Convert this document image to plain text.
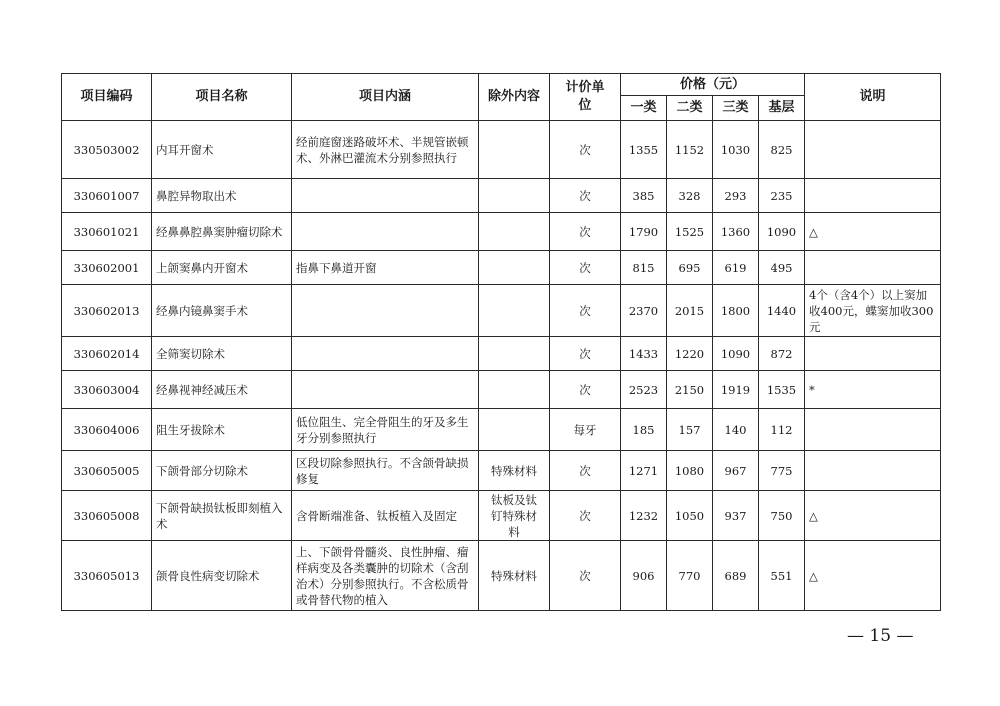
项目编码	项目名称	项目内涵	除外内容	计价单位	价格（元）				说明
					一类	二类	三类	基层	
330503002	内耳开窗术	经前庭窗迷路破坏术、半规管嵌顿术、外淋巴灌流术分别参照执行		次	1355	1152	1030	825	
330601007	鼻腔异物取出术			次	385	328	293	235	
330601021	经鼻鼻腔鼻窦肿瘤切除术			次	1790	1525	1360	1090	△
330602001	上颌窦鼻内开窗术	指鼻下鼻道开窗		次	815	695	619	495	
330602013	经鼻内镜鼻窦手术			次	2370	2015	1800	1440	4个（含4个）以上窦加收400元，蝶窦加收300元
330602014	全筛窦切除术			次	1433	1220	1090	872	
330603004	经鼻视神经减压术			次	2523	2150	1919	1535	*
330604006	阻生牙拔除术	低位阻生、完全骨阻生的牙及多生牙分别参照执行		每牙	185	157	140	112	
330605005	下颌骨部分切除术	区段切除参照执行。不含颌骨缺损修复	特殊材料	次	1271	1080	967	775	
330605008	下颌骨缺损钛板即刻植入术	含骨断端准备、钛板植入及固定	钛板及钛钉特殊材料	次	1232	1050	937	750	△
330605013	颌骨良性病变切除术	上、下颌骨骨髓炎、良性肿瘤、瘤样病变及各类囊肿的切除术（含刮治术）分别参照执行。不含松质骨或骨替代物的植入	特殊材料	次	906	770	689	551	△
— 15 —
